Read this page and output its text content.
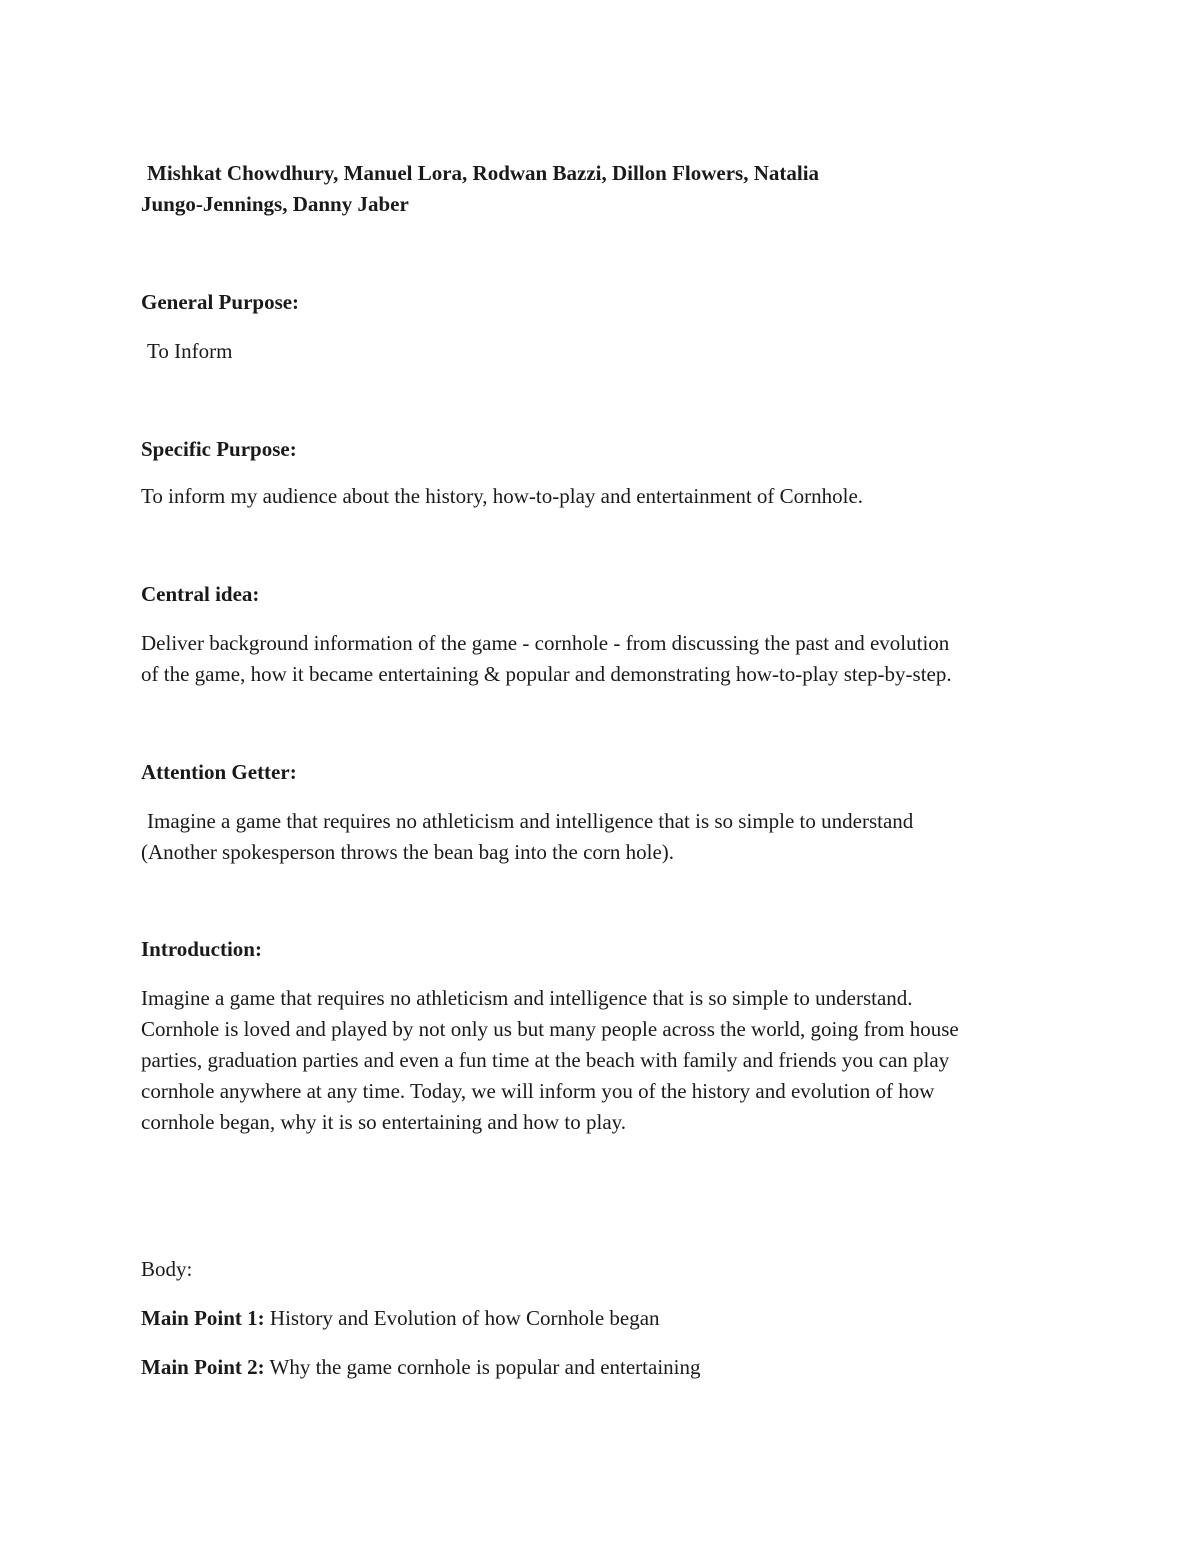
Mishkat Chowdhury, Manuel Lora, Rodwan Bazzi, Dillon Flowers, Natalia
Jungo-Jennings, Danny Jaber
General Purpose:
To Inform
Specific Purpose:
To inform my audience about the history, how-to-play and entertainment of Cornhole.
Central idea:
Deliver background information of the game - cornhole - from discussing the past and evolution
of the game, how it became entertaining & popular and demonstrating how-to-play step-by-step.
Attention Getter:
Imagine a game that requires no athleticism and intelligence that is so simple to understand
(Another spokesperson throws the bean bag into the corn hole).
Introduction:
Imagine a game that requires no athleticism and intelligence that is so simple to understand.
Cornhole is loved and played by not only us but many people across the world, going from house
parties, graduation parties and even a fun time at the beach with family and friends you can play
cornhole anywhere at any time. Today, we will inform you of the history and evolution of how
cornhole began, why it is so entertaining and how to play.
Body:
Main Point 1: History and Evolution of how Cornhole began
Main Point 2: Why the game cornhole is popular and entertaining
